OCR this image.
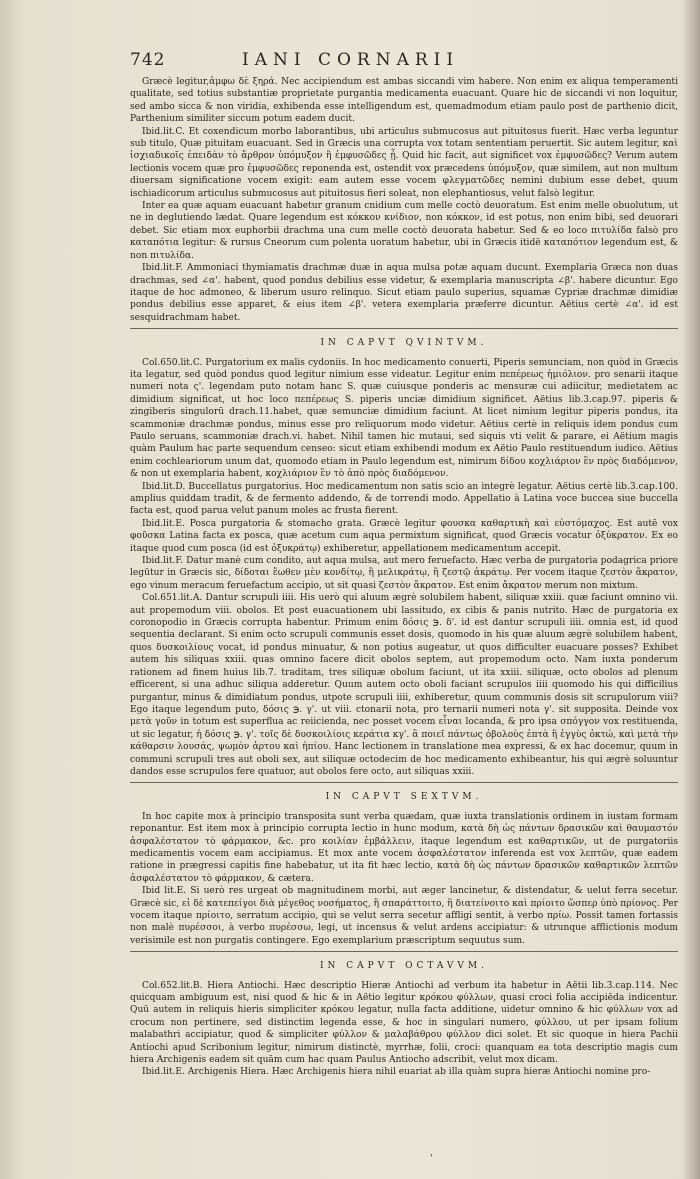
742	IANI CORNARII

Græcè legitur,ἀμφω δὲ ξηρά. Nec accipiendum est ambas siccandi vim habere. Non enim ex aliqua temperamenti qualitate, sed totius substantiæ proprietate purgantia medicamenta euacuant. Quare hic de siccandi vi non loquitur, sed ambo sicca & non viridia, exhibenda esse intelligendum est, quemadmodum etiam paulo post de parthenio dicit, Parthenium similiter siccum potum eadem ducit.

Ibid.lit.C. Et coxendicum morbo laborantibus, ubi articulus submucosus aut pituitosus fuerit. Hæc verba leguntur sub titulo, Quæ pituitam euacuant. Sed in Græcis una corrupta vox totam sententiam peruertit. Sic autem legitur, καὶ ἰσχιαδικοῖς ἐπειδὰν τὸ ἄρθρον ὑπόμυξον ἢ ἐμφυσῶδες ᾖ. Quid hic facit, aut significet vox ἐμφυσῶδες? Verum autem lectionis vocem quæ pro ἐμφυσῶδες reponenda est, ostendit vox præcedens ὑπόμυξον, quæ similem, aut non multum diuersam significatione vocem exigit: eam autem esse vocem φλεγματῶδες nemini dubium esse debet, quum ischiadicorum articulus submucosus aut pituitosus fieri soleat, non elephantiosus, velut falsò legitur.

Inter ea quæ aquam euacuant habetur granum cnidium cum melle coctò deuoratum. Est enim melle obuolutum, ut ne in deglutiendo lædat. Quare legendum est κόκκον κνίδιον, non κόκκον, id est potus, non enim bibi, sed deuorari debet. Sic etiam mox euphorbii drachma una cum melle coctò deuorata habetur. Sed & eo loco πιτυλίδα falsò pro καταπότια legitur: & rursus Cneorum cum polenta uoratum habetur, ubi in Græcis itidē καταπότιον legendum est, & non πιτυλίδα.

Ibid.lit.F. Ammoniaci thymiamatis drachmæ duæ in aqua mulsa potæ aquam ducunt. Exemplaria Græca non duas drachmas, sed ∠α'. habent, quod pondus debilius esse videtur, & exemplaria manuscripta ∠β'. habere dicuntur. Ego itaque de hoc admoneo, & liberum usuro relinquo. Sicut etiam paulo superius, squamæ Cypriæ drachmæ dimidiæ pondus debilius esse apparet, & eius item ∠β'. vetera exemplaria præferre dicuntur. Aëtius certè ∠α'. id est sesquidrachmam habet.

IN CAPVT QVINTVM.

Col.650.lit.C. Purgatorium ex malis cydoniis. In hoc medicamento conuerti, Piperis semunciam, non quòd in Græcis ita legatur, sed quòd pondus quod legitur nimium esse videatur. Legitur enim πεπέρεως ἡμιόλιον. pro senarii itaque numeri nota ς'. legendam puto notam hanc S. quæ cuiusque ponderis ac mensuræ cui adiicitur, medietatem ac dimidium significat, ut hoc loco πεπέρεως S. piperis unciæ dimidium significet. Aëtius lib.3.cap.97. piperis & zingiberis singulorū drach.11.habet, quæ semunciæ dimidium faciunt. At licet nimium legitur piperis pondus, ita scammoniæ drachmæ pondus, minus esse pro reliquorum modo videtur. Aëtius certè in reliquis idem pondus cum Paulo seruans, scammoniæ drach.vi. habet. Nihil tamen hic mutaui, sed siquis vti velit & parare, ei Aëtium magis quàm Paulum hac parte sequendum censeo: sicut etiam exhibendi modum ex Aëtio Paulo restituendum iudico. Aëtius enim cochleariorum unum dat, quomodo etiam in Paulo legendum est, nimirum δίδου κοχλιάριον ἓν πρὸς διαδόμενον, & non ut exemplaria habent, κοχλιάριον ἓν τὸ ἀπὸ πρὸς διαδόμενον.

Ibid.lit.D. Buccellatus purgatorius. Hoc medicamentum non satis scio an integrè legatur. Aëtius certè lib.3.cap.100. amplius quiddam tradit, & de fermento addendo, & de torrendi modo. Appellatio à Latina voce buccea siue buccella facta est, quod parua velut panum moles ac frusta fierent.

Ibid.lit.E. Posca purgatoria & stomacho grata. Græcè legitur φουσκα καθαρτικὴ καὶ εὐστόμαχος. Est autē vox φοῦσκα Latina facta ex posca, quæ acetum cum aqua permixtum significat, quod Græcis vocatur ὀξύκρατον. Ex eo itaque quod cum posca (id est ὀξυκράτῳ) exhiberetur, appellationem medicamentum accepit.

Ibid.lit.F. Datur manè cum condito, aut aqua mulsa, aut mero feruefacto. Hæc verba de purgatoria podagrica priore legūtur in Græcis sic, δίδοται ἕωθεν μὲν κονδίτῳ, ἢ μελικράτῳ, ἢ ζεστῷ ἀκράτῳ. Per vocem itaque ζεστὸν ἄκρατον, ego vinum meracum feruefactum accipio, ut sit quasi ζεστὸν ἄκρατον. Est enim ἄκρατον merum non mixtum.

Col.651.lit.A. Dantur scrupuli iiii. His uerò qui aluum ægrè solubilem habent, siliquæ xxiii. quæ faciunt omnino vii. aut propemodum viii. obolos. Et post euacuationem ubi lassitudo, ex cibis & panis nutrito. Hæc de purgatoria ex coronopodio in Græcis corrupta habentur. Primum enim δόσις ℈. δ'. id est dantur scrupuli iiii. omnia est, id quod sequentia declarant. Si enim octo scrupuli communis esset dosis, quomodo in his quæ aluum ægrè solubilem habent, quos δυσκοιλίους vocat, id pondus minuatur, & non potius augeatur, ut quos difficulter euacuare posses? Exhibet autem his siliquas xxiii. quas omnino facere dicit obolos septem, aut propemodum octo. Nam iuxta ponderum rationem ad finem huius lib.7. traditam, tres siliquæ obolum faciunt, ut ita xxiii. siliquæ, octo obolos ad plenum efficerent, si una adhuc siliqua adderetur. Quum autem octo oboli faciant scrupulos iiii quomodo his qui difficilius purgantur, minus & dimidiatum pondus, utpote scrupuli iiii, exhiberetur, quum communis dosis sit scrupulorum viii? Ego itaque legendum puto, δόσις ℈. γ'. ut viii. ctonarii nota, pro ternarii numeri nota γ'. sit supposita. Deinde vox μετὰ γοῦν in totum est superflua ac reiicienda, nec posset vocem εἶναι locanda, & pro ipsa σπόγγον vox restituenda, ut sic legatur, ἡ δόσις ℈. γ'. τοῖς δὲ δυσκοιλίοις κεράτια κγ'. ἃ ποιεῖ πάντως ὀβολοὺς ἑπτὰ ἢ ἐγγὺς ὀκτώ, καὶ μετὰ τὴν κάθαρσιν λουσάς, ψωμὸν ἀρτου καὶ ἠπίου. Hanc lectionem in translatione mea expressi, & ex hac docemur, quum in communi scrupuli tres aut oboli sex, aut siliquæ octodecim de hoc medicamento exhibeantur, his qui ægrè soluuntur dandos esse scrupulos fere quatuor, aut obolos fere octo, aut siliquas xxiii.

IN CAPVT SEXTVM.

In hoc capite mox à principio transposita sunt verba quædam, quæ iuxta translationis ordinem in iustam formam reponantur. Est item mox à principio corrupta lectio in hunc modum, κατὰ δὴ ὡς πάντων δρασικῶν καὶ θαυμαστόν ἀσφαλέστατον τὸ φάρμακον, &c. pro κοιλίαν ἐμβάλλειν, itaque legendum est καθαρτικῶν, ut de purgatoriis medicamentis vocem eam accipiamus. Et mox ante vocem ἀσφαλέστατον inferenda est vox λεπτῶν, quæ eadem ratione in prægressi capitis fine habebatur, ut ita fit hæc lectio, κατὰ δὴ ὡς πάντων δρασικῶν καθαρτικῶν λεπτῶν ἀσφαλέστατον τὸ φάρμακον, & cætera.

Ibid lit.E. Si uerò res urgeat ob magnitudinem morbi, aut æger lancinetur, & distendatur, & uelut ferra secetur. Græcè sic, εἰ δὲ κατεπείγοι διὰ μέγεθος νοσήματος, ἢ σπαράττοιτο, ἢ διατείνοιτο καὶ πρίοιτο ὥσπερ ὑπὸ πρίονος. Per vocem itaque πρίοιτο, serratum accipio, qui se velut serra secetur affligi sentit, à verbo πρίω. Possit tamen fortassis non malè πυρέσσοι, à verbo πυρέσσω, legi, ut incensus & velut ardens accipiatur: & utrunque afflictionis modum verisimile est non purgatis contingere. Ego exemplarium præscriptum sequutus sum.

IN CAPVT OCTAVVM.

Col.652.lit.B. Hiera Antiochi. Hæc descriptio Hieræ Antiochi ad verbum ita habetur in Aëtii lib.3.cap.114. Nec quicquam ambiguum est, nisi quod & hic & in Aëtio legitur κρόκου φύλλων, quasi croci folia accipiēda indicentur. Quū autem in reliquis hieris simpliciter κρόκου legatur, nulla facta additione, uidetur omnino & hic φύλλων vox ad crocum non pertinere, sed distinctim legenda esse, & hoc in singulari numero, φύλλου, ut per ipsam folium malabathri accipiatur, quod & simpliciter φύλλον & μαλαβάθρου φύλλον dici solet. Et sic quoque in hiera Pachii Antiochi apud Scribonium legitur, nimirum distinctè, myrrhæ, folii, croci: quanquam ea tota descriptio magis cum hiera Archigenis eadem sit quām cum hac quam Paulus Antiocho adscribit, velut mox dicam.

Ibid.lit.E. Archigenis Hiera. Hæc Archigenis hiera nihil euariat ab illa quàm supra hieræ Antiochi nomine pro-

'
